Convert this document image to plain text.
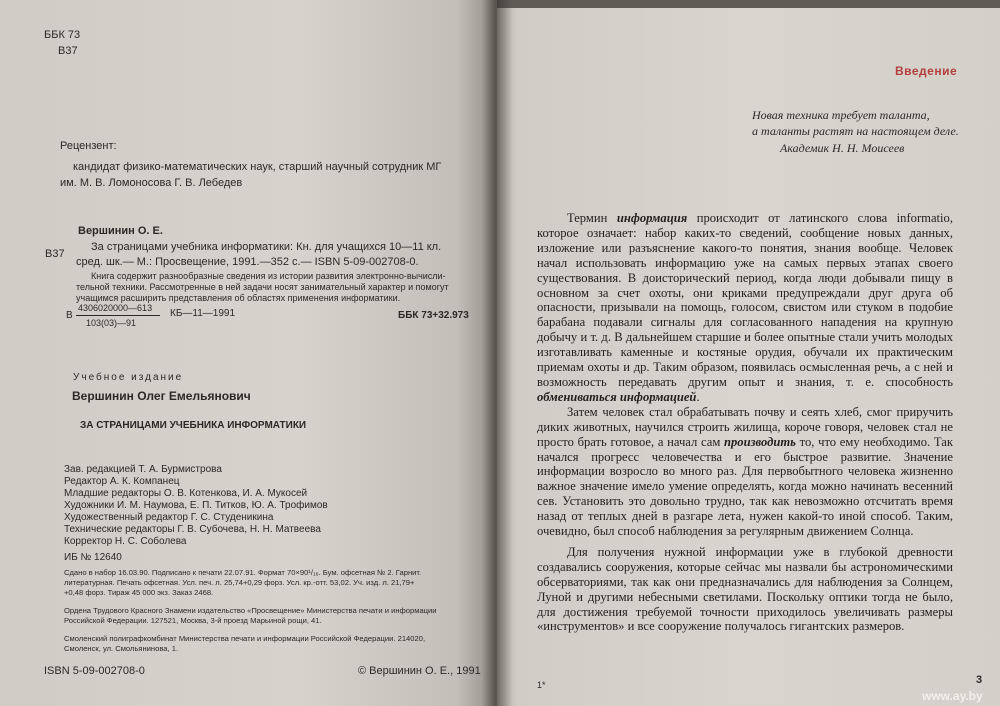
ББК 73
В37
Рецензент:
кандидат физико-математических наук, старший научный сотрудник МГ
им. М. В. Ломоносова Г. В. Лебедев
Вершинин О. Е.
В37
За страницами учебника информатики: Кн. для учащихся 10—11 кл.
сред. шк.— М.: Просвещение, 1991.—352 с.— ISBN 5-09-002708-0.
Книга содержит разнообразные сведения из истории развития электронно-вычисли-
тельной техники. Рассмотренные в ней задачи носят занимательный характер и помогут
учащимся расширить представления об областях применения информатики.
В
4306020000—613
103(03)—91
КБ—11—1991	ББК 73+32.973
Учебное издание
Вершинин Олег Емельянович
ЗА СТРАНИЦАМИ УЧЕБНИКА ИНФОРМАТИКИ
Зав. редакцией Т. А. Бурмистрова
Редактор А. К. Компанец
Младшие редакторы О. В. Котенкова, И. А. Мукосей
Художники И. М. Наумова, Е. П. Титков, Ю. А. Трофимов
Художественный редактор Г. С. Студеникина
Технические редакторы Г. В. Субочева, Н. Н. Матвеева
Корректор Н. С. Соболева
ИБ № 12640
Сдано в набор 16.03.90. Подписано к печати 22.07.91. Формат 70×90¹/₁₆. Бум. офсетная № 2. Гарнит.
литературная. Печать офсетная. Усл. печ. л. 25,74+0,29 форз. Усл. кр.-отт. 53,02. Уч. изд. л. 21,79+
+0,48 форз. Тираж 45 000 экз. Заказ 2468.
Ордена Трудового Красного Знамени издательство «Просвещение» Министерства печати и информации
Российской Федерации. 127521, Москва, 3-й проезд Марьиной рощи, 41.
Смоленский полиграфкомбинат Министерства печати и информации Российской Федерации. 214020,
Смоленск, ул. Смольянинова, 1.
ISBN 5-09-002708-0	© Вершинин О. Е., 1991
Введение
Новая техника требует таланта,
а таланты растят на настоящем деле.
Академик Н. Н. Моисеев

Термин информация происходит от латинского слова informatio, которое означает: набор каких-то сведений, сообщение новых данных, изложение или разъяснение какого-то понятия, знания вообще. Человек начал использовать информацию уже на самых первых этапах своего существования. В доисторический период, когда люди добывали пищу в основном за счет охоты, они криками предупреждали друг друга об опасности, призывали на помощь, голосом, свистом или стуком в подобие барабана подавали сигналы для согласованного нападения на крупную добычу и т. д. В дальнейшем старшие и более опытные стали учить молодых изготавливать каменные и костяные орудия, обучали их практическим приемам охоты и др. Таким образом, появилась осмысленная речь, а с ней и возможность передавать другим опыт и знания, т. е. способность обмениваться информацией.

Затем человек стал обрабатывать почву и сеять хлеб, смог приручить диких животных, научился строить жилища, короче говоря, человек стал не просто брать готовое, а начал сам производить то, что ему необходимо. Так начался прогресс человечества и его быстрое развитие. Значение информации возросло во много раз. Для первобытного человека жизненно важное значение имело умение определять, когда можно начинать весенний сев. Установить это довольно трудно, так как невозможно отсчитать время назад от теплых дней в разгаре лета, нужен какой-то иной способ. Таким, очевидно, был способ наблюдения за регулярным движением Солнца.

Для получения нужной информации уже в глубокой древности создавались сооружения, которые сейчас мы назвали бы астрономическими обсерваториями, так как они предназначались для наблюдения за Солнцем, Луной и другими небесными светилами. Поскольку оптики тогда не было, для достижения требуемой точности приходилось увеличивать размеры «инструментов» и все сооружение получалось гигантских размеров.

1*	3
www.ay.by
